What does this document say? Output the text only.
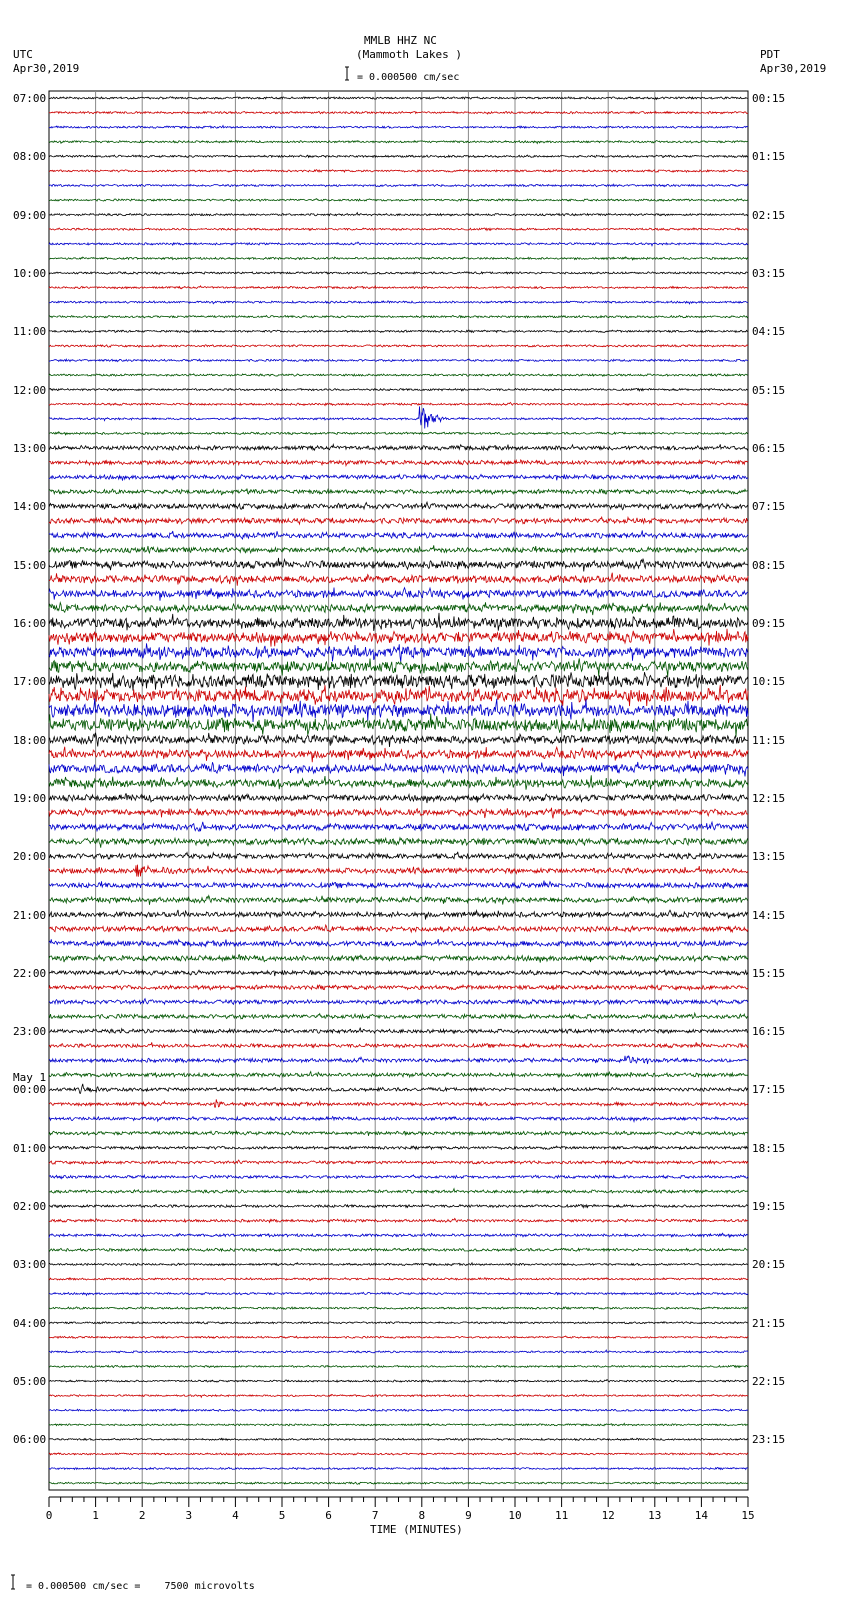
0	1	2	3	4	5	6	7	8	9	10	11	12	13	14	15
MMLB HHZ NC
(Mammoth Lakes )
= 0.000500 cm/sec
UTC
Apr30,2019
PDT
Apr30,2019
TIME (MINUTES)
= 0.000500 cm/sec =    7500 microvolts
May 1
07:00
08:00
09:00
10:00
11:00
12:00
13:00
14:00
15:00
16:00
17:00
18:00
19:00
20:00
21:00
22:00
23:00
00:00
01:00
02:00
03:00
04:00
05:00
06:00
00:15
01:15
02:15
03:15
04:15
05:15
06:15
07:15
08:15
09:15
10:15
11:15
12:15
13:15
14:15
15:15
16:15
17:15
18:15
19:15
20:15
21:15
22:15
23:15
